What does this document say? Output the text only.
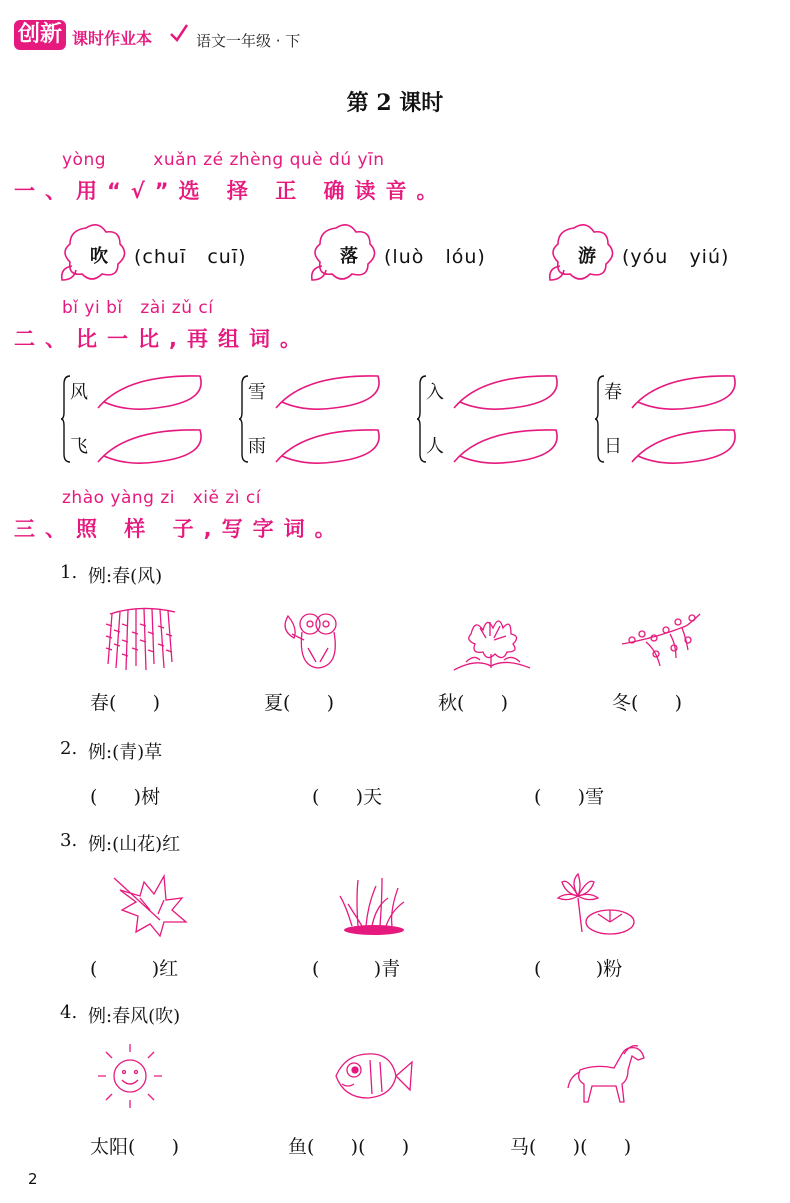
创新 课时作业本	语文一年级 · 下
第 2 课时
yòng        xuǎn zé zhèng què dú yīn
一、用“√”选 择 正 确读音。
吹 (chuī   cuī)	落 (luò   lóu)	游 (yóu   yiú)
bǐ yi bǐ   zài zǔ cí
二、比一比,再组词。
风
飞
雪
雨
入
人
春
日
zhào yàng zi   xiě zì cí
三、照 样 子,写字词。
1. 例:春(风)
春(      )	夏(      )	秋(      )	冬(      )
2. 例:(青)草
(      )树	(      )天	(      )雪
3. 例:(山花)红
(         )红	(         )青	(         )粉
4. 例:春风(吹)
太阳(      )	鱼(      )(      )	马(      )(      )
2
